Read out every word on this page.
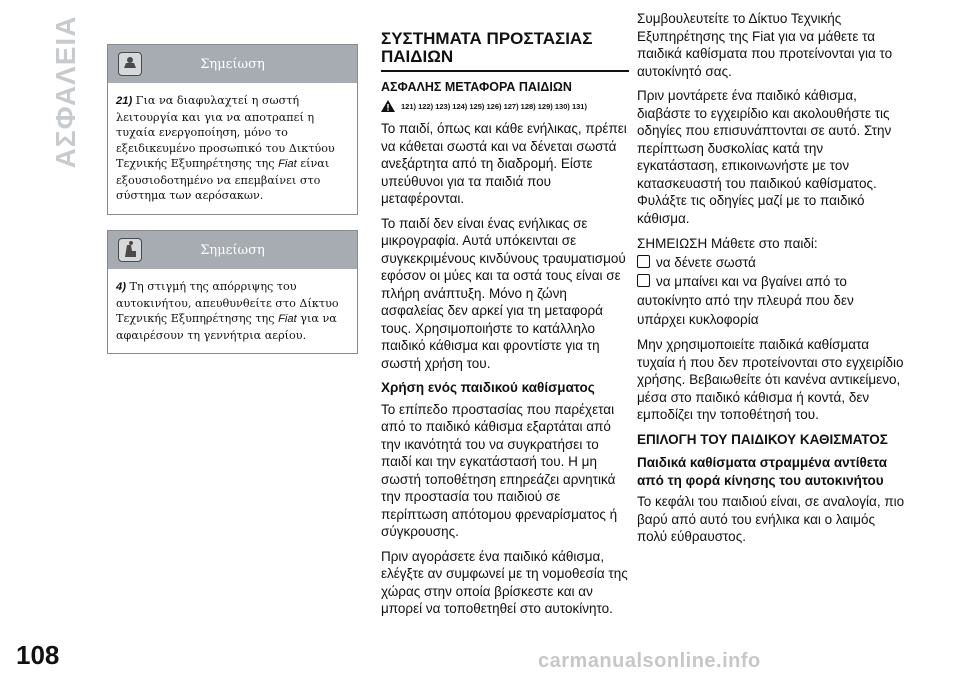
ΑΣΦΑΛΕΙΑ	Σημείωση
21) Για να διαφυλαχτεί η σωστή λειτουργία και για να αποτραπεί η τυχαία ενεργοποίηση, μόνο το εξειδικευμένο προσωπικό του Δικτύου Τεχνικής Εξυπηρέτησης της Fiat είναι εξουσιοδοτημένο να επεμβαίνει στο σύστημα των αερόσακων.
Σημείωση
4) Τη στιγμή της απόρριψης του αυτοκινήτου, απευθυνθείτε στο Δίκτυο Τεχνικής Εξυπηρέτησης της Fiat για να αφαιρέσουν τη γεννήτρια αερίου.
ΣΥΣΤΗΜΑΤΑ ΠΡΟΣΤΑΣΙΑΣ
ΠΑΙΔΙΩΝ
ΑΣΦΑΛΗΣ ΜΕΤΑΦΟΡΑ ΠΑΙΔΙΩΝ
121) 122) 123) 124) 125) 126) 127) 128) 129) 130) 131)

Το παιδί, όπως και κάθε ενήλικας, πρέπει να κάθεται σωστά και να δένεται σωστά ανεξάρτητα από τη διαδρομή. Είστε υπεύθυνοι για τα παιδιά που μεταφέρονται.

Το παιδί δεν είναι ένας ενήλικας σε μικρογραφία. Αυτά υπόκεινται σε συγκεκριμένους κινδύνους τραυματισμού εφόσον οι μύες και τα οστά τους είναι σε πλήρη ανάπτυξη. Μόνο η ζώνη ασφαλείας δεν αρκεί για τη μεταφορά τους. Χρησιμοποιήστε το κατάλληλο παιδικό κάθισμα και φροντίστε για τη σωστή χρήση του.

Χρήση ενός παιδικού καθίσματος

Το επίπεδο προστασίας που παρέχεται από το παιδικό κάθισμα εξαρτάται από την ικανότητά του να συγκρατήσει το παιδί και την εγκατάστασή του. Η μη σωστή τοποθέτηση επηρεάζει αρνητικά την προστασία του παιδιού σε περίπτωση απότομου φρεναρίσματος ή σύγκρουσης.

Πριν αγοράσετε ένα παιδικό κάθισμα, ελέγξτε αν συμφωνεί με τη νομοθεσία της χώρας στην οποία βρίσκεστε και αν μπορεί να τοποθετηθεί στο αυτοκίνητο.

Συμβουλευτείτε το Δίκτυο Τεχνικής Εξυπηρέτησης της Fiat για να μάθετε τα παιδικά καθίσματα που προτείνονται για το αυτοκίνητό σας.

Πριν μοντάρετε ένα παιδικό κάθισμα, διαβάστε το εγχειρίδιο και ακολουθήστε τις οδηγίες που επισυνάπτονται σε αυτό. Στην περίπτωση δυσκολίας κατά την εγκατάσταση, επικοινωνήστε με τον κατασκευαστή του παιδικού καθίσματος. Φυλάξτε τις οδηγίες μαζί με το παιδικό κάθισμα.

ΣΗΜΕΙΩΣΗ Μάθετε στο παιδί:

να δένετε σωστά

να μπαίνει και να βγαίνει από το

αυτοκίνητο από την πλευρά που δεν

υπάρχει κυκλοφορία

Μην χρησιμοποιείτε παιδικά καθίσματα τυχαία ή που δεν προτείνονται στο εγχειρίδιο χρήσης. Βεβαιωθείτε ότι κανένα αντικείμενο, μέσα στο παιδικό κάθισμα ή κοντά, δεν εμποδίζει την τοποθέτησή του.

ΕΠΙΛΟΓΗ ΤΟΥ ΠΑΙΔΙΚΟΥ ΚΑΘΙΣΜΑΤΟΣ
Παιδικά καθίσματα στραμμένα αντίθετα από τη φορά κίνησης του αυτοκινήτου

Το κεφάλι του παιδιού είναι, σε αναλογία, πιο βαρύ από αυτό του ενήλικα και ο λαιμός πολύ εύθραυστος.

108	carmanualsonline.info
